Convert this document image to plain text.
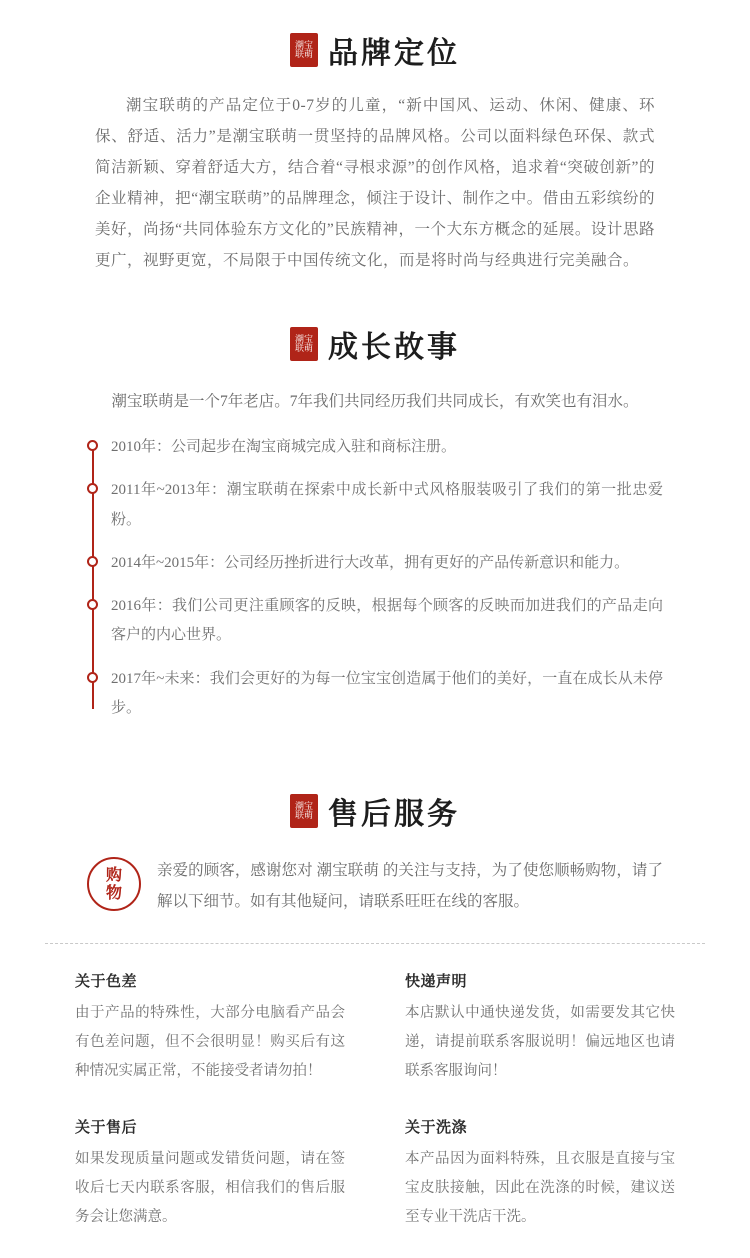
潮宝
联萌 品牌定位
潮宝联萌的产品定位于0-7岁的儿童，“新中国风、运动、休闲、健康、环保、舒适、活力”是潮宝联萌一贯坚持的品牌风格。公司以面料绿色环保、款式简洁新颖、穿着舒适大方，结合着“寻根求源”的创作风格，追求着“突破创新”的企业精神，把“潮宝联萌”的品牌理念，倾注于设计、制作之中。借由五彩缤纷的美好，尚扬“共同体验东方文化的”民族精神，一个大东方概念的延展。设计思路更广，视野更宽，不局限于中国传统文化，而是将时尚与经典进行完美融合。
潮宝
联萌 成长故事
潮宝联萌是一个7年老店。7年我们共同经历我们共同成长，有欢笑也有泪水。
2010年：公司起步在淘宝商城完成入驻和商标注册。
2011年~2013年：潮宝联萌在探索中成长新中式风格服装吸引了我们的第一批忠爱粉。
2014年~2015年：公司经历挫折进行大改革，拥有更好的产品传新意识和能力。
2016年：我们公司更注重顾客的反映，根据每个顾客的反映而加进我们的产品走向客户的内心世界。
2017年~未来：我们会更好的为每一位宝宝创造属于他们的美好，一直在成长从未停步。
潮宝
联萌 售后服务
购
物
亲爱的顾客，感谢您对 潮宝联萌 的关注与支持，为了使您顺畅购物，请了解以下细节。如有其他疑问，请联系旺旺在线的客服。
关于色差
由于产品的特殊性，大部分电脑看产品会有色差问题，但不会很明显！购买后有这种情况实属正常，不能接受者请勿拍！
快递声明
本店默认中通快递发货，如需要发其它快递，请提前联系客服说明！偏远地区也请联系客服询问！
关于售后
如果发现质量问题或发错货问题，请在签收后七天内联系客服，相信我们的售后服务会让您满意。
关于洗涤
本产品因为面料特殊，且衣服是直接与宝宝皮肤接触，因此在洗涤的时候，建议送至专业干洗店干洗。
